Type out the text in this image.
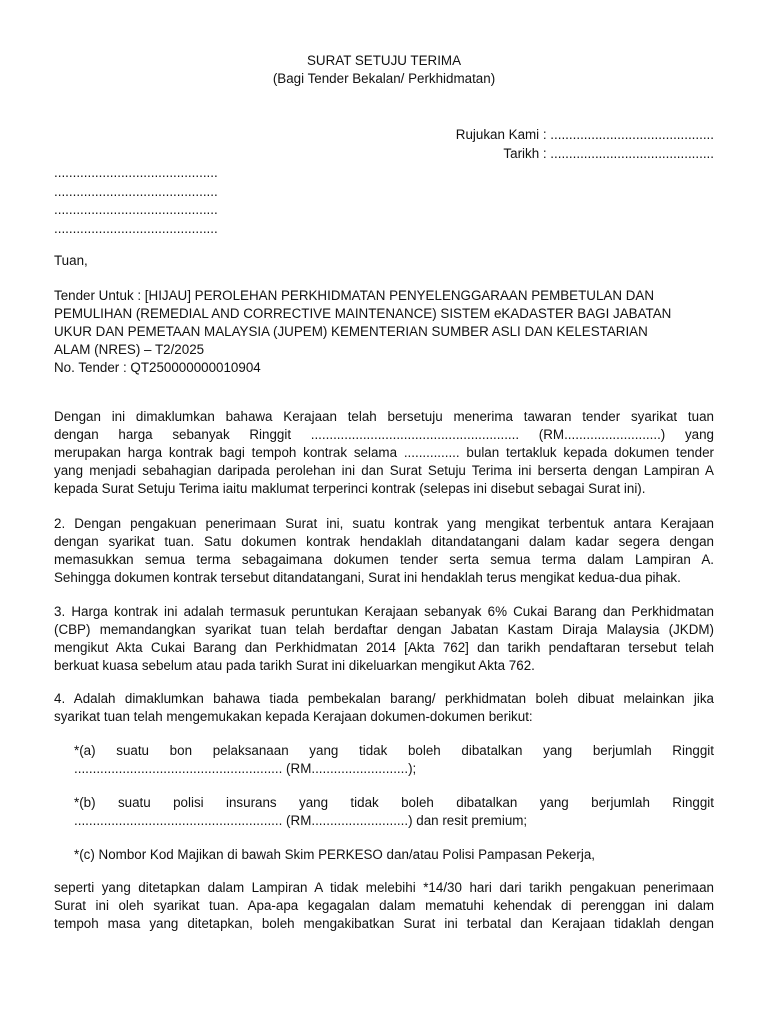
SURAT SETUJU TERIMA
(Bagi Tender Bekalan/ Perkhidmatan)
Rujukan Kami : ............................................
Tarikh : ............................................
............................................
............................................
............................................
............................................

Tuan,

Tender Untuk : [HIJAU] PEROLEHAN PERKHIDMATAN PENYELENGGARAAN PEMBETULAN DAN
PEMULIHAN (REMEDIAL AND CORRECTIVE MAINTENANCE) SISTEM eKADASTER BAGI JABATAN
UKUR DAN PEMETAAN MALAYSIA (JUPEM) KEMENTERIAN SUMBER ASLI DAN KELESTARIAN
ALAM (NRES) – T2/2025
No. Tender : QT250000000010904
Dengan ini dimaklumkan bahawa Kerajaan telah bersetuju menerima tawaran tender syarikat tuan
dengan harga sebanyak Ringgit ........................................................ (RM..........................) yang
merupakan harga kontrak bagi tempoh kontrak selama ............... bulan tertakluk kepada dokumen tender
yang menjadi sebahagian daripada perolehan ini dan Surat Setuju Terima ini berserta dengan Lampiran A
kepada Surat Setuju Terima iaitu maklumat terperinci kontrak (selepas ini disebut sebagai Surat ini).
2. Dengan pengakuan penerimaan Surat ini, suatu kontrak yang mengikat terbentuk antara Kerajaan
dengan syarikat tuan. Satu dokumen kontrak hendaklah ditandatangani dalam kadar segera dengan
memasukkan semua terma sebagaimana dokumen tender serta semua terma dalam Lampiran A.
Sehingga dokumen kontrak tersebut ditandatangani, Surat ini hendaklah terus mengikat kedua-dua pihak.
3. Harga kontrak ini adalah termasuk peruntukan Kerajaan sebanyak 6% Cukai Barang dan Perkhidmatan
(CBP) memandangkan syarikat tuan telah berdaftar dengan Jabatan Kastam Diraja Malaysia (JKDM)
mengikut Akta Cukai Barang dan Perkhidmatan 2014 [Akta 762] dan tarikh pendaftaran tersebut telah
berkuat kuasa sebelum atau pada tarikh Surat ini dikeluarkan mengikut Akta 762.
4. Adalah dimaklumkan bahawa tiada pembekalan barang/ perkhidmatan boleh dibuat melainkan jika
syarikat tuan telah mengemukakan kepada Kerajaan dokumen-dokumen berikut:
*(a) suatu bon pelaksanaan yang tidak boleh dibatalkan yang berjumlah Ringgit
........................................................ (RM..........................);
*(b) suatu polisi insurans yang tidak boleh dibatalkan yang berjumlah Ringgit
........................................................ (RM..........................) dan resit premium;

*(c) Nombor Kod Majikan di bawah Skim PERKESO dan/atau Polisi Pampasan Pekerja,

seperti yang ditetapkan dalam Lampiran A tidak melebihi *14/30 hari dari tarikh pengakuan penerimaan
Surat ini oleh syarikat tuan. Apa-apa kegagalan dalam mematuhi kehendak di perenggan ini dalam
tempoh masa yang ditetapkan, boleh mengakibatkan Surat ini terbatal dan Kerajaan tidaklah dengan
